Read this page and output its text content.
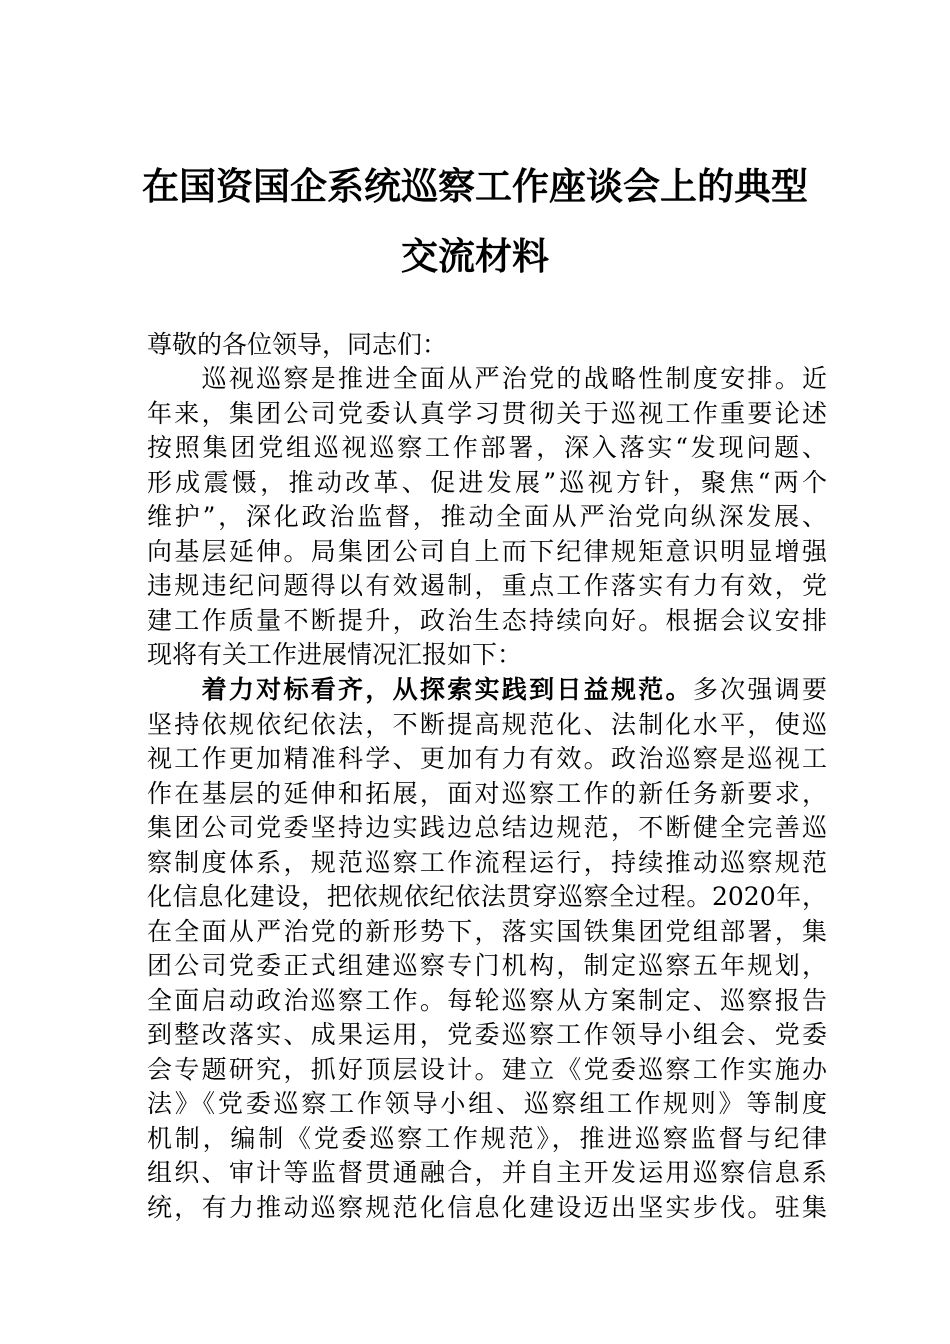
在国资国企系统巡察工作座谈会上的典型
交流材料
尊敬的各位领导，同志们：
　　巡视巡察是推进全面从严治党的战略性制度安排。近
年来，集团公司党委认真学习贯彻关于巡视工作重要论述
按照集团党组巡视巡察工作部署，深入落实“发现问题、
形成震慑，推动改革、促进发展”巡视方针，聚焦“两个
维护”，深化政治监督，推动全面从严治党向纵深发展、
向基层延伸。局集团公司自上而下纪律规矩意识明显增强
违规违纪问题得以有效遏制，重点工作落实有力有效，党
建工作质量不断提升，政治生态持续向好。根据会议安排
现将有关工作进展情况汇报如下：
　　着力对标看齐，从探索实践到日益规范。多次强调要
坚持依规依纪依法，不断提高规范化、法制化水平，使巡
视工作更加精准科学、更加有力有效。政治巡察是巡视工
作在基层的延伸和拓展，面对巡察工作的新任务新要求，
集团公司党委坚持边实践边总结边规范，不断健全完善巡
察制度体系，规范巡察工作流程运行，持续推动巡察规范
化信息化建设，把依规依纪依法贯穿巡察全过程。2020年，
在全面从严治党的新形势下，落实国铁集团党组部署，集
团公司党委正式组建巡察专门机构，制定巡察五年规划，
全面启动政治巡察工作。每轮巡察从方案制定、巡察报告
到整改落实、成果运用，党委巡察工作领导小组会、党委
会专题研究，抓好顶层设计。建立《党委巡察工作实施办
法》《党委巡察工作领导小组、巡察组工作规则》等制度
机制，编制《党委巡察工作规范》，推进巡察监督与纪律
组织、审计等监督贯通融合，并自主开发运用巡察信息系
统，有力推动巡察规范化信息化建设迈出坚实步伐。驻集
